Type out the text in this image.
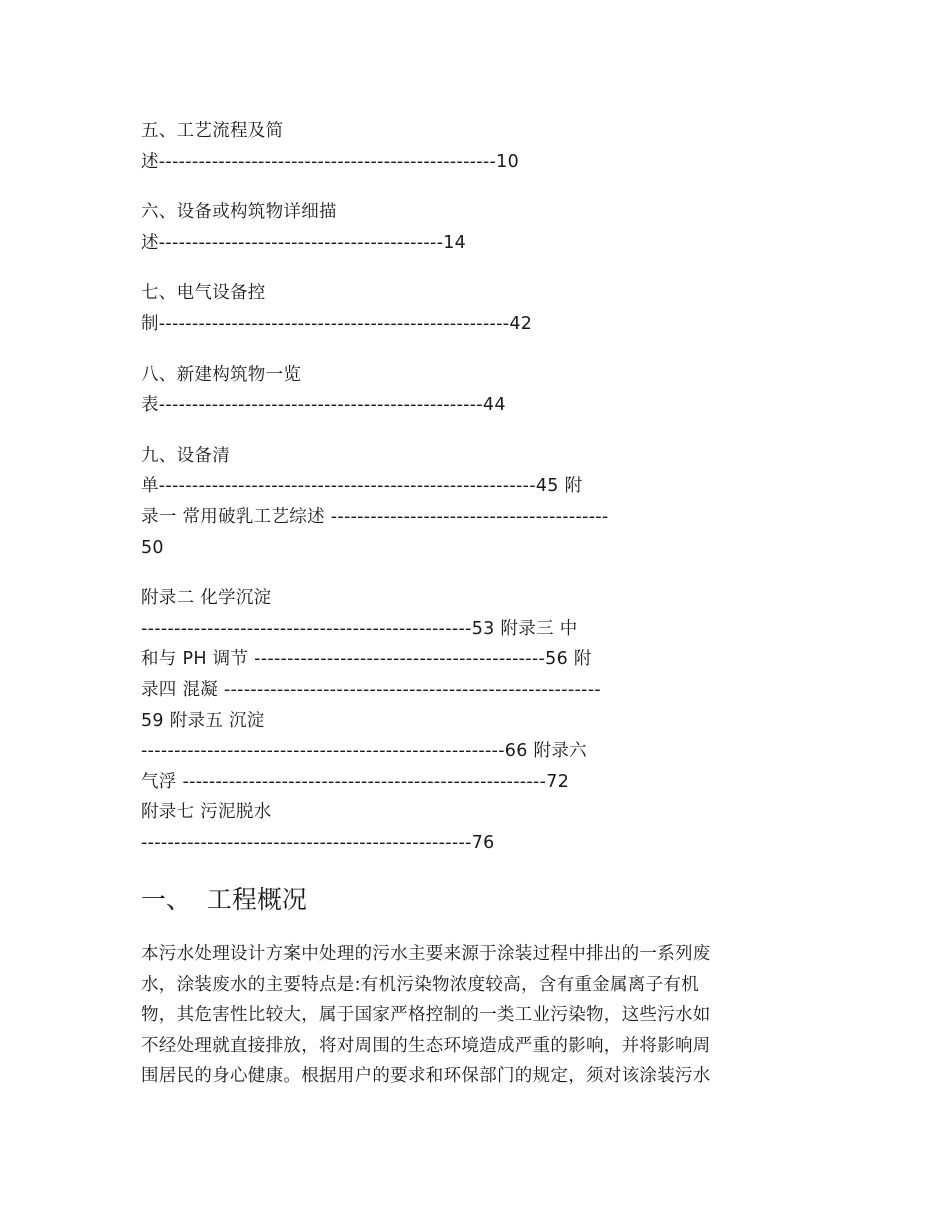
五、工艺流程及简
述---------------------------------------------------10
六、设备或构筑物详细描
述-------------------------------------------14
七、电气设备控
制-----------------------------------------------------42
八、新建构筑物一览
表-------------------------------------------------44
九、设备清
单---------------------------------------------------------45 附
录一 常用破乳工艺综述 ------------------------------------------
50
附录二 化学沉淀
--------------------------------------------------53 附录三 中
和与 PH 调节 --------------------------------------------56 附
录四 混凝 ---------------------------------------------------------
59 附录五 沉淀
-------------------------------------------------------66 附录六
气浮 -------------------------------------------------------72
附录七 污泥脱水
--------------------------------------------------76
一、  工程概况
本污水处理设计方案中处理的污水主要来源于涂装过程中排出的一系列废
水，涂装废水的主要特点是:有机污染物浓度较高，含有重金属离子有机
物，其危害性比较大，属于国家严格控制的一类工业污染物，这些污水如
不经处理就直接排放，将对周围的生态环境造成严重的影响，并将影响周
围居民的身心健康。根据用户的要求和环保部门的规定，须对该涂装污水
